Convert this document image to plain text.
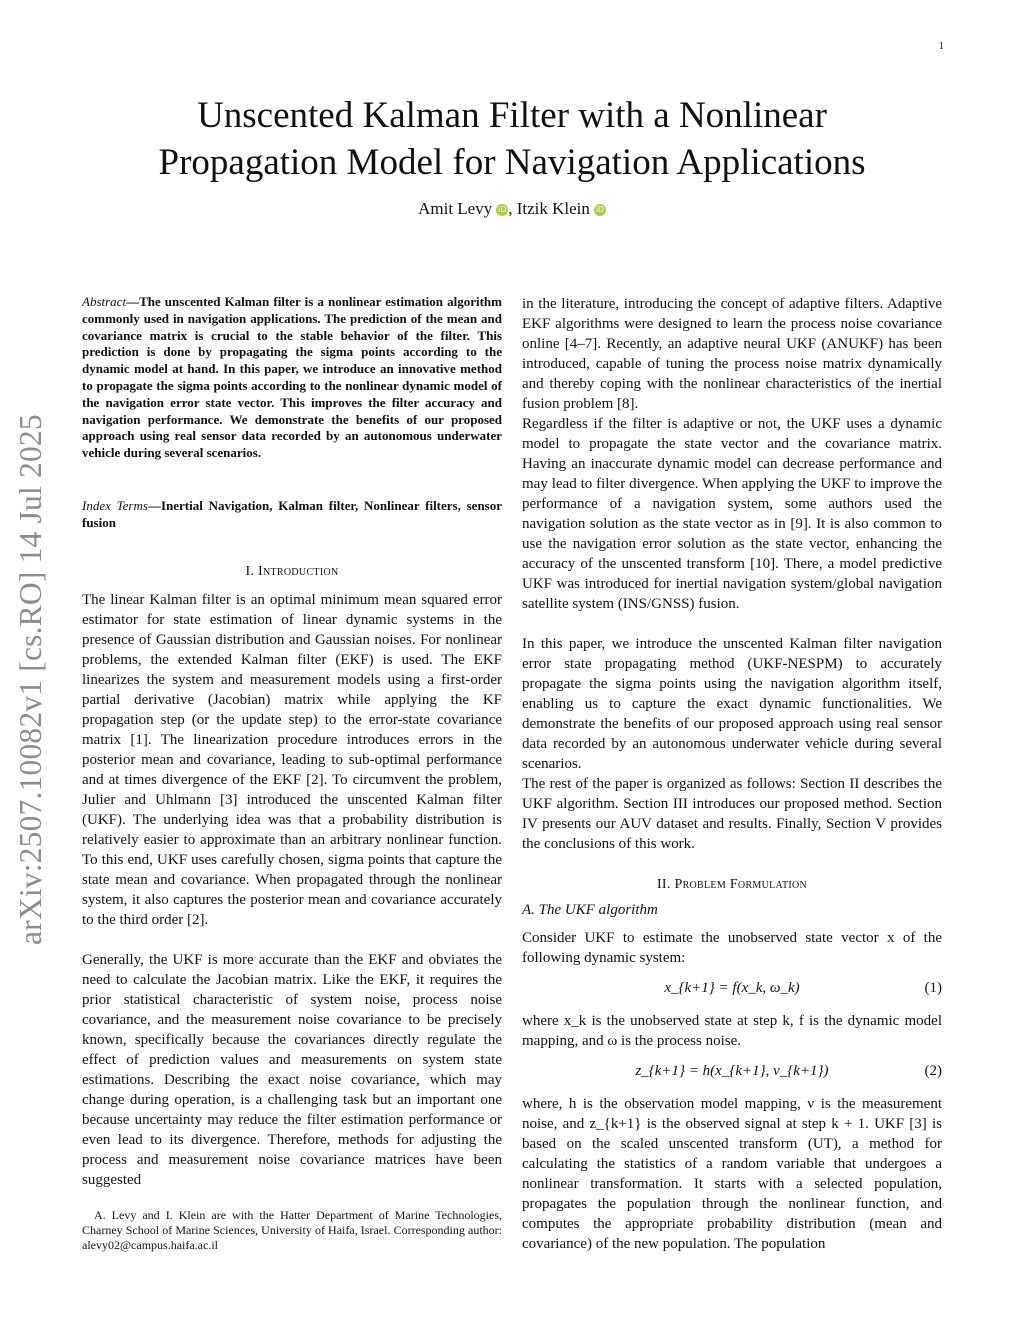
1
arXiv:2507.10082v1 [cs.RO] 14 Jul 2025
Unscented Kalman Filter with a Nonlinear
Propagation Model for Navigation Applications
Amit Levy iD , Itzik Klein iD
Abstract—The unscented Kalman filter is a nonlinear estimation algorithm commonly used in navigation applications. The prediction of the mean and covariance matrix is crucial to the stable behavior of the filter. This prediction is done by propagating the sigma points according to the dynamic model at hand. In this paper, we introduce an innovative method to propagate the sigma points according to the nonlinear dynamic model of the navigation error state vector. This improves the filter accuracy and navigation performance. We demonstrate the benefits of our proposed approach using real sensor data recorded by an autonomous underwater vehicle during several scenarios.
Index Terms—Inertial Navigation, Kalman filter, Nonlinear filters, sensor fusion
I. Introduction
The linear Kalman filter is an optimal minimum mean squared error estimator for state estimation of linear dynamic systems in the presence of Gaussian distribution and Gaussian noises. For nonlinear problems, the extended Kalman filter (EKF) is used. The EKF linearizes the system and measurement models using a first-order partial derivative (Jacobian) matrix while applying the KF propagation step (or the update step) to the error-state covariance matrix [1]. The linearization procedure introduces errors in the posterior mean and covariance, leading to sub-optimal performance and at times divergence of the EKF [2]. To circumvent the problem, Julier and Uhlmann [3] introduced the unscented Kalman filter (UKF). The underlying idea was that a probability distribution is relatively easier to approximate than an arbitrary nonlinear function. To this end, UKF uses carefully chosen, sigma points that capture the state mean and covariance. When propagated through the nonlinear system, it also captures the posterior mean and covariance accurately to the third order [2].
Generally, the UKF is more accurate than the EKF and obviates the need to calculate the Jacobian matrix. Like the EKF, it requires the prior statistical characteristic of system noise, process noise covariance, and the measurement noise covariance to be precisely known, specifically because the covariances directly regulate the effect of prediction values and measurements on system state estimations. Describing the exact noise covariance, which may change during operation, is a challenging task but an important one because uncertainty may reduce the filter estimation performance or even lead to its divergence. Therefore, methods for adjusting the process and measurement noise covariance matrices have been suggested
A. Levy and I. Klein are with the Hatter Department of Marine Technologies, Charney School of Marine Sciences, University of Haifa, Israel. Corresponding author: alevy02@campus.haifa.ac.il
in the literature, introducing the concept of adaptive filters. Adaptive EKF algorithms were designed to learn the process noise covariance online [4–7]. Recently, an adaptive neural UKF (ANUKF) has been introduced, capable of tuning the process noise matrix dynamically and thereby coping with the nonlinear characteristics of the inertial fusion problem [8].
Regardless if the filter is adaptive or not, the UKF uses a dynamic model to propagate the state vector and the covariance matrix. Having an inaccurate dynamic model can decrease performance and may lead to filter divergence. When applying the UKF to improve the performance of a navigation system, some authors used the navigation solution as the state vector as in [9]. It is also common to use the navigation error solution as the state vector, enhancing the accuracy of the unscented transform [10]. There, a model predictive UKF was introduced for inertial navigation system/global navigation satellite system (INS/GNSS) fusion.
In this paper, we introduce the unscented Kalman filter navigation error state propagating method (UKF-NESPM) to accurately propagate the sigma points using the navigation algorithm itself, enabling us to capture the exact dynamic functionalities. We demonstrate the benefits of our proposed approach using real sensor data recorded by an autonomous underwater vehicle during several scenarios.
The rest of the paper is organized as follows: Section II describes the UKF algorithm. Section III introduces our proposed method. Section IV presents our AUV dataset and results. Finally, Section V provides the conclusions of this work.
II. Problem Formulation
A. The UKF algorithm
Consider UKF to estimate the unobserved state vector x of the following dynamic system:
x_{k+1} = f(x_k, ω_k)	(1)
where x_k is the unobserved state at step k, f is the dynamic model mapping, and ω is the process noise.
z_{k+1} = h(x_{k+1}, ν_{k+1})	(2)
where, h is the observation model mapping, ν is the measurement noise, and z_{k+1} is the observed signal at step k + 1. UKF [3] is based on the scaled unscented transform (UT), a method for calculating the statistics of a random variable that undergoes a nonlinear transformation. It starts with a selected population, propagates the population through the nonlinear function, and computes the appropriate probability distribution (mean and covariance) of the new population. The population
